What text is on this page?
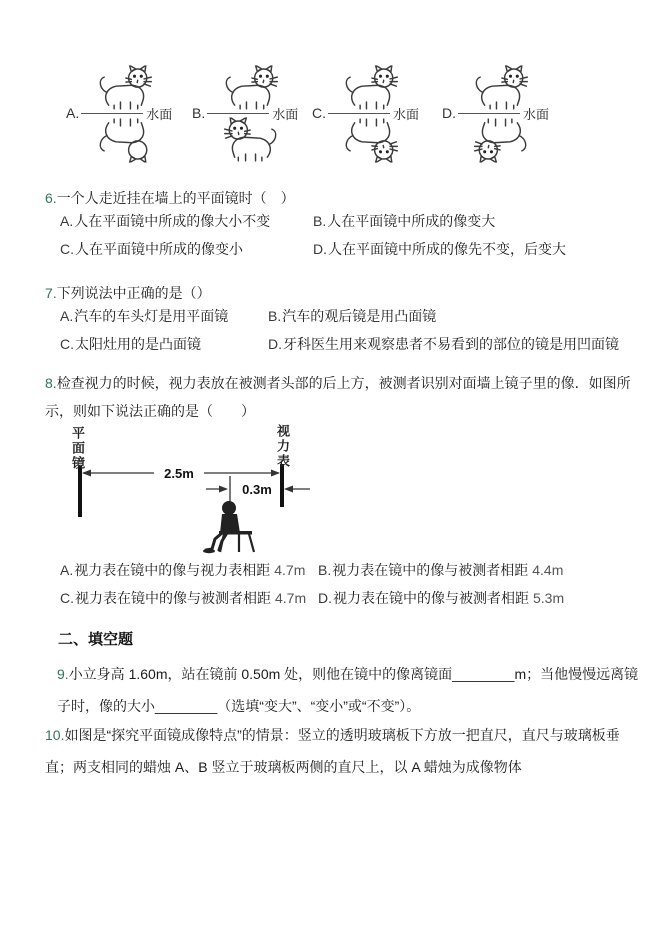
A.	水面 B.	水面 C.	水面 D.	水面
6.一个人走近挂在墙上的平面镜时（　）
A.人在平面镜中所成的像大小不变	B.人在平面镜中所成的像变大
C.人在平面镜中所成的像变小	D.人在平面镜中所成的像先不变，后变大
7.下列说法中正确的是（）
A.汽车的车头灯是用平面镜	B.汽车的观后镜是用凸面镜
C.太阳灶用的是凸面镜	D.牙科医生用来观察患者不易看到的部位的镜是用凹面镜
8.检查视力的时候，视力表放在被测者头部的后上方，被测者识别对面墙上镜子里的像．如图所示，则如下说法正确的是（　　）
2.5m
0.3m
平面镜	视力表
A.视力表在镜中的像与视力表相距 4.7m B.视力表在镜中的像与被测者相距 4.4m
C.视力表在镜中的像与被测者相距 4.7m D.视力表在镜中的像与被测者相距 5.3m
二、填空题
9.小立身高 1.60m，站在镜前 0.50m 处，则他在镜中的像离镜面________m；当他慢慢远离镜子时，像的大小________（选填“变大”、“变小”或“不变”）。
10.如图是“探究平面镜成像特点”的情景：竖立的透明玻璃板下方放一把直尺，直尺与玻璃板垂直；两支相同的蜡烛 A、B 竖立于玻璃板两侧的直尺上，以 A 蜡烛为成像物体
